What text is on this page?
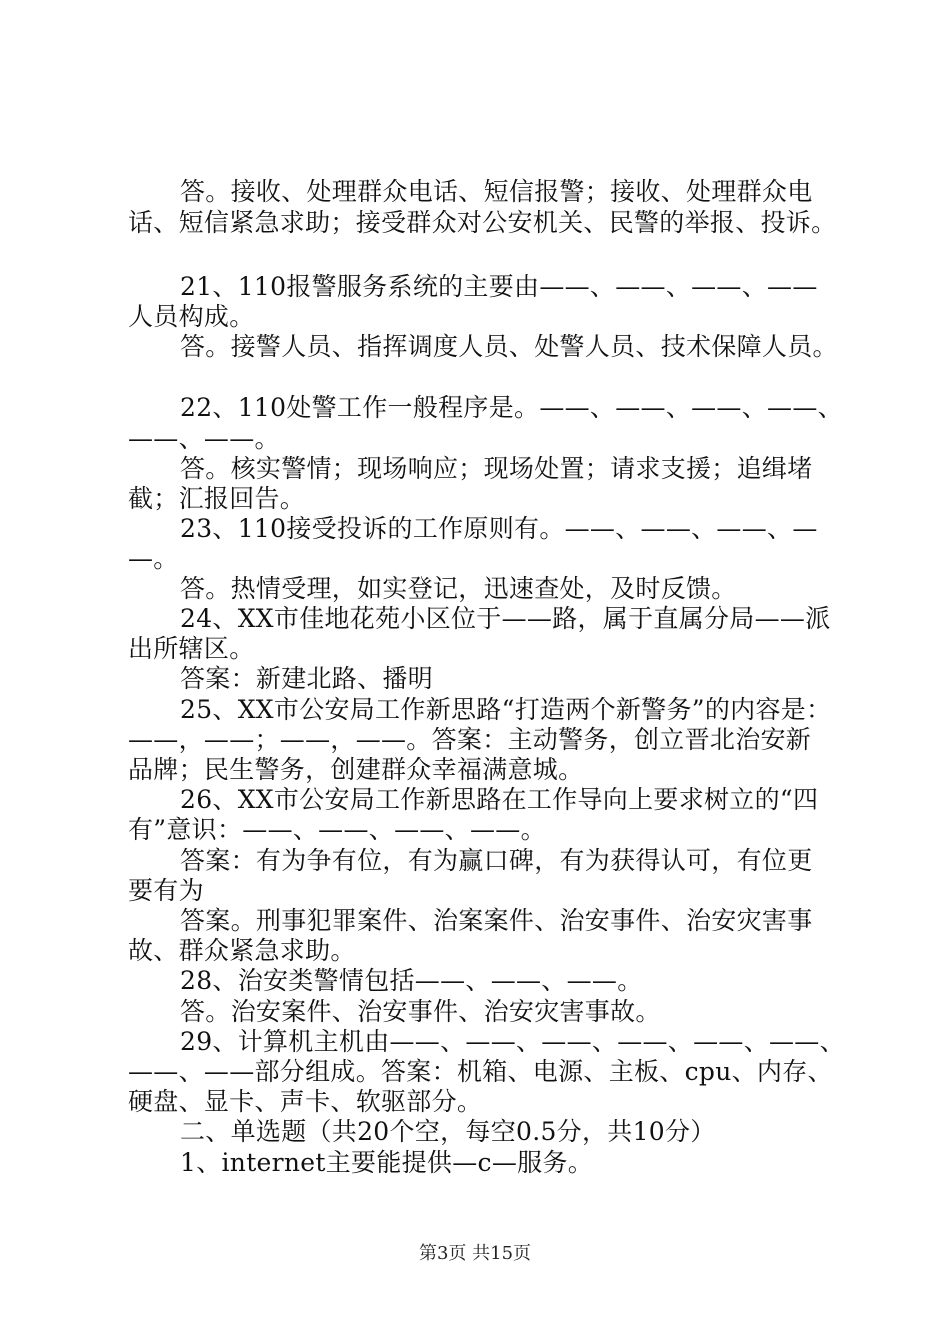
答。接收、处理群众电话、短信报警；接收、处理群众电
话、短信紧急求助；接受群众对公安机关、民警的举报、投诉。
21、110报警服务系统的主要由——、——、——、——
人员构成。
答。接警人员、指挥调度人员、处警人员、技术保障人员。
22、110处警工作一般程序是。——、——、——、——、
——、——。
答。核实警情；现场响应；现场处置；请求支援；追缉堵
截；汇报回告。
23、110接受投诉的工作原则有。——、——、——、—
—。
答。热情受理，如实登记，迅速查处，及时反馈。
24、XX市佳地花苑小区位于——路，属于直属分局——派
出所辖区。
答案：新建北路、播明
25、XX市公安局工作新思路“打造两个新警务”的内容是：
——，——；——，——。答案：主动警务，创立晋北治安新
品牌；民生警务，创建群众幸福满意城。
26、XX市公安局工作新思路在工作导向上要求树立的“四
有”意识：——、——、——、——。
答案：有为争有位，有为赢口碑，有为获得认可，有位更
要有为
答案。刑事犯罪案件、治案案件、治安事件、治安灾害事
故、群众紧急求助。
28、治安类警情包括——、——、——。
答。治安案件、治安事件、治安灾害事故。
29、计算机主机由——、——、——、——、——、——、
——、——部分组成。答案：机箱、电源、主板、cpu、内存、
硬盘、显卡、声卡、软驱部分。
二、单选题（共20个空，每空0.5分，共10分）
1、internet主要能提供—c—服务。
第3页 共15页
